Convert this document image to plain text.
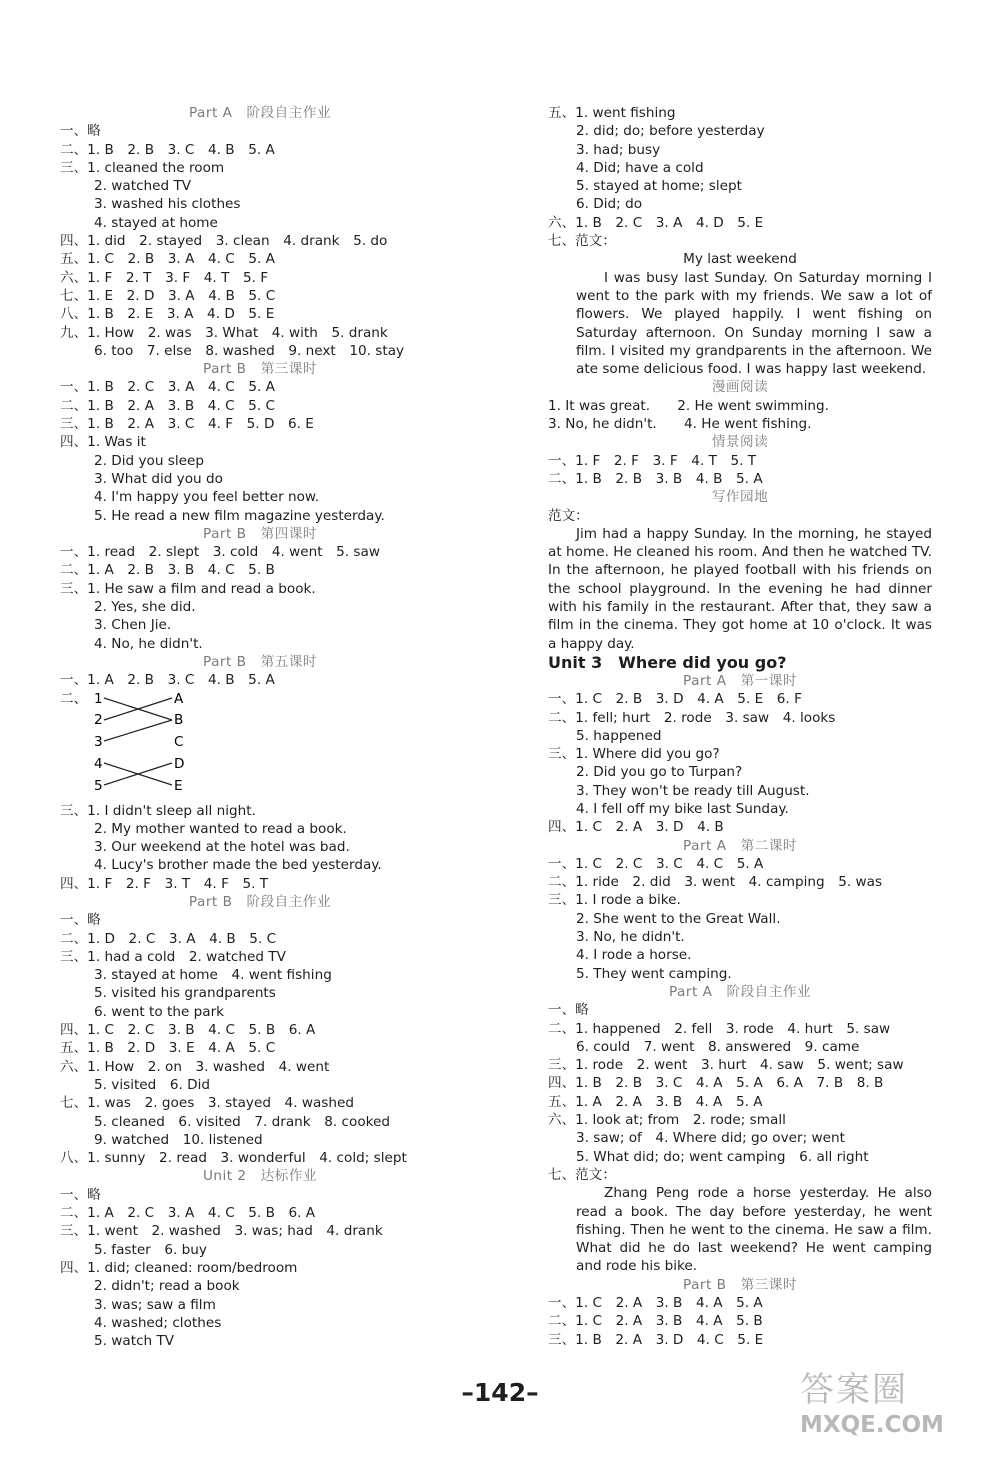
Part A　阶段自主作业
一、略
二、1. B　2. B　3. C　4. B　5. A
三、1. cleaned the room
2. watched TV
3. washed his clothes
4. stayed at home
四、1. did　2. stayed　3. clean　4. drank　5. do
五、1. C　2. B　3. A　4. C　5. A
六、1. F　2. T　3. F　4. T　5. F
七、1. E　2. D　3. A　4. B　5. C
八、1. B　2. E　3. A　4. D　5. E
九、1. How　2. was　3. What　4. with　5. drank
6. too　7. else　8. washed　9. next　10. stay
Part B　第三课时
一、1. B　2. C　3. A　4. C　5. A
二、1. B　2. A　3. B　4. C　5. C
三、1. B　2. A　3. C　4. F　5. D　6. E
四、1. Was it
2. Did you sleep
3. What did you do
4. I'm happy you feel better now.
5. He read a new film magazine yesterday.
Part B　第四课时
一、1. read　2. slept　3. cold　4. went　5. saw
二、1. A　2. B　3. B　4. C　5. B
三、1. He saw a film and read a book.
2. Yes, she did.
3. Chen Jie.
4. No, he didn't.
Part B　第五课时
一、1. A　2. B　3. C　4. B　5. A
二、 1
2
3
4
5
A
B
C
D
E
三、1. I didn't sleep all night.
2. My mother wanted to read a book.
3. Our weekend at the hotel was bad.
4. Lucy's brother made the bed yesterday.
四、1. F　2. F　3. T　4. F　5. T
Part B　阶段自主作业
一、略
二、1. D　2. C　3. A　4. B　5. C
三、1. had a cold　2. watched TV
3. stayed at home　4. went fishing
5. visited his grandparents
6. went to the park
四、1. C　2. C　3. B　4. C　5. B　6. A
五、1. B　2. D　3. E　4. A　5. C
六、1. How　2. on　3. washed　4. went
5. visited　6. Did
七、1. was　2. goes　3. stayed　4. washed
5. cleaned　6. visited　7. drank　8. cooked
9. watched　10. listened
八、1. sunny　2. read　3. wonderful　4. cold; slept
Unit 2　达标作业
一、略
二、1. A　2. C　3. A　4. C　5. B　6. A
三、1. went　2. washed　3. was; had　4. drank
5. faster　6. buy
四、1. did; cleaned: room/bedroom
2. didn't; read a book
3. was; saw a film
4. washed; clothes
5. watch TV
五、1. went fishing
2. did; do; before yesterday
3. had; busy
4. Did; have a cold
5. stayed at home; slept
6. Did; do
六、1. B　2. C　3. A　4. D　5. E
七、范文：
My last weekend
I was busy last Sunday. On Saturday morning I went to the park with my friends. We saw a lot of flowers. We played happily. I went fishing on Saturday afternoon. On Sunday morning I saw a film. I visited my grandparents in the afternoon. We ate some delicious food. I was happy last weekend.
漫画阅读
1. It was great.　　2. He went swimming.
3. No, he didn't.　　4. He went fishing.
情景阅读
一、1. F　2. F　3. F　4. T　5. T
二、1. B　2. B　3. B　4. B　5. A
写作园地
范文：
Jim had a happy Sunday. In the morning, he stayed at home. He cleaned his room. And then he watched TV. In the afternoon, he played football with his friends on the school playground. In the evening he had dinner with his family in the restaurant. After that, they saw a film in the cinema. They got home at 10 o'clock. It was a happy day.
Unit 3　Where did you go?
Part A　第一课时
一、1. C　2. B　3. D　4. A　5. E　6. F
二、1. fell; hurt　2. rode　3. saw　4. looks
5. happened
三、1. Where did you go?
2. Did you go to Turpan?
3. They won't be ready till August.
4. I fell off my bike last Sunday.
四、1. C　2. A　3. D　4. B
Part A　第二课时
一、1. C　2. C　3. C　4. C　5. A
二、1. ride　2. did　3. went　4. camping　5. was
三、1. I rode a bike.
2. She went to the Great Wall.
3. No, he didn't.
4. I rode a horse.
5. They went camping.
Part A　阶段自主作业
一、略
二、1. happened　2. fell　3. rode　4. hurt　5. saw
6. could　7. went　8. answered　9. came
三、1. rode　2. went　3. hurt　4. saw　5. went; saw
四、1. B　2. B　3. C　4. A　5. A　6. A　7. B　8. B
五、1. A　2. A　3. B　4. A　5. A
六、1. look at; from　2. rode; small
3. saw; of　4. Where did; go over; went
5. What did; do; went camping　6. all right
七、范文：
Zhang Peng rode a horse yesterday. He also read a book. The day before yesterday, he went fishing. Then he went to the cinema. He saw a film. What did he do last weekend? He went camping and rode his bike.
Part B　第三课时
一、1. C　2. A　3. B　4. A　5. A
二、1. C　2. A　3. B　4. A　5. B
三、1. B　2. A　3. D　4. C　5. E
–142–	答案圈
MXQE.COM
